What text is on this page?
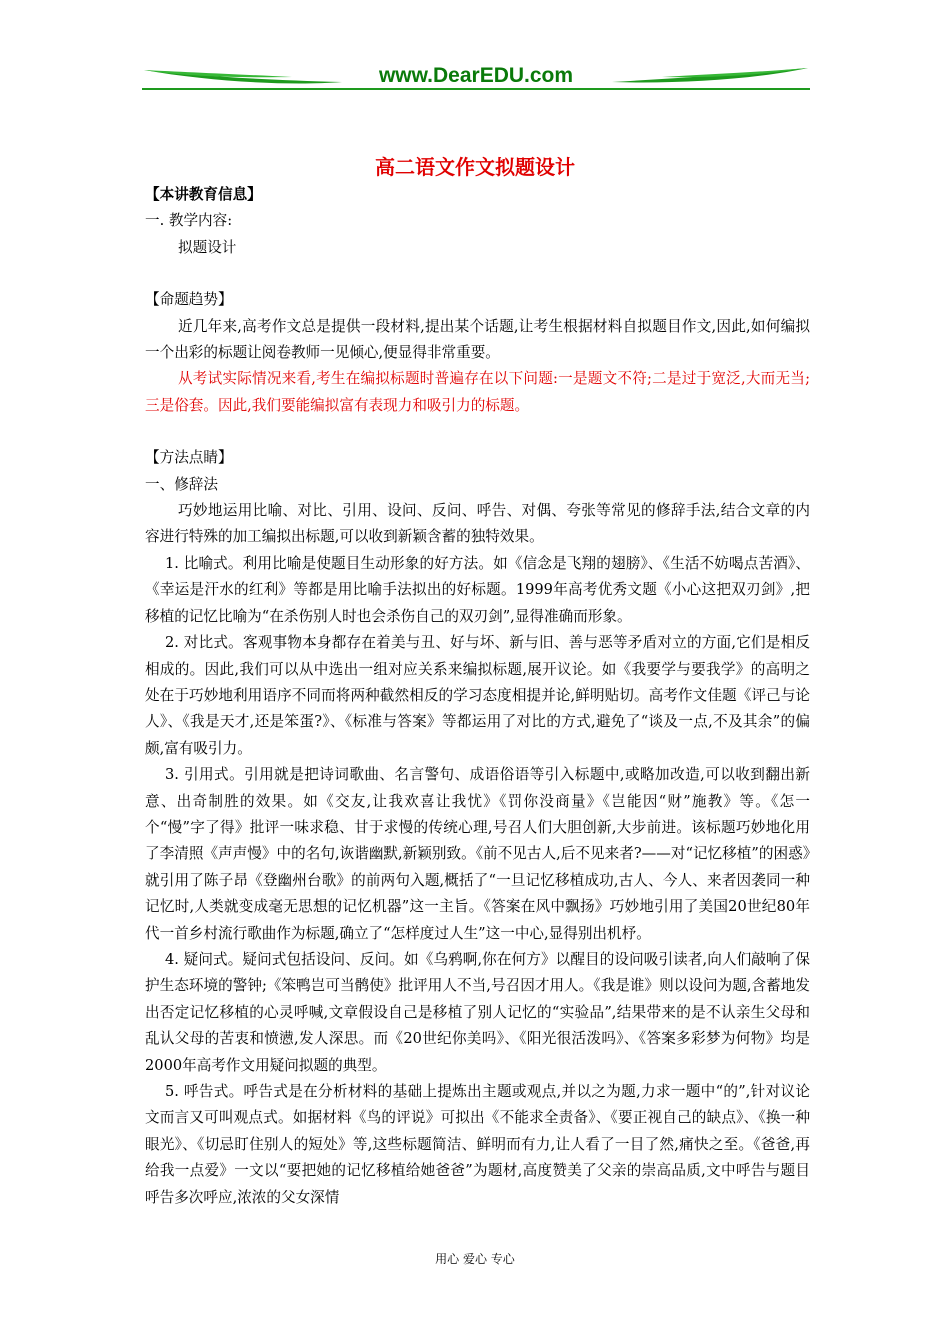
www.DearEDU.com
高二语文作文拟题设计

【本讲教育信息】

一. 教学内容:

拟题设计

【命题趋势】

近几年来,高考作文总是提供一段材料,提出某个话题,让考生根据材料自拟题目作文,因此,如何编拟一个出彩的标题让阅卷教师一见倾心,便显得非常重要。

从考试实际情况来看,考生在编拟标题时普遍存在以下问题:一是题文不符;二是过于宽泛,大而无当;三是俗套。因此,我们要能编拟富有表现力和吸引力的标题。

【方法点睛】

一、修辞法

巧妙地运用比喻、对比、引用、设问、反问、呼告、对偶、夸张等常见的修辞手法,结合文章的内容进行特殊的加工编拟出标题,可以收到新颖含蓄的独特效果。

1. 比喻式。利用比喻是使题目生动形象的好方法。如《信念是飞翔的翅膀》、《生活不妨喝点苦酒》、《幸运是汗水的红利》等都是用比喻手法拟出的好标题。1999年高考优秀文题《小心这把双刃剑》,把移植的记忆比喻为“在杀伤别人时也会杀伤自己的双刃剑”,显得准确而形象。

2. 对比式。客观事物本身都存在着美与丑、好与坏、新与旧、善与恶等矛盾对立的方面,它们是相反相成的。因此,我们可以从中选出一组对应关系来编拟标题,展开议论。如《我要学与要我学》的高明之处在于巧妙地利用语序不同而将两种截然相反的学习态度相提并论,鲜明贴切。高考作文佳题《评己与论人》、《我是天才,还是笨蛋?》、《标准与答案》等都运用了对比的方式,避免了“谈及一点,不及其余”的偏颇,富有吸引力。

3. 引用式。引用就是把诗词歌曲、名言警句、成语俗语等引入标题中,或略加改造,可以收到翻出新意、出奇制胜的效果。如《交友,让我欢喜让我忧》《罚你没商量》《岂能因“财”施教》等。《怎一个“慢”字了得》批评一味求稳、甘于求慢的传统心理,号召人们大胆创新,大步前进。该标题巧妙地化用了李清照《声声慢》中的名句,诙谐幽默,新颖别致。《前不见古人,后不见来者?——对“记忆移植”的困惑》就引用了陈子昂《登幽州台歌》的前两句入题,概括了“一旦记忆移植成功,古人、今人、来者因袭同一种记忆时,人类就变成毫无思想的记忆机器”这一主旨。《答案在风中飘扬》巧妙地引用了美国20世纪80年代一首乡村流行歌曲作为标题,确立了“怎样度过人生”这一中心,显得别出机杼。

4. 疑问式。疑问式包括设问、反问。如《乌鸦啊,你在何方》以醒目的设问吸引读者,向人们敲响了保护生态环境的警钟;《笨鸭岂可当鹘使》批评用人不当,号召因才用人。《我是谁》则以设问为题,含蓄地发出否定记忆移植的心灵呼喊,文章假设自己是移植了别人记忆的“实验品”,结果带来的是不认亲生父母和乱认父母的苦衷和愤懑,发人深思。而《20世纪你美吗》、《阳光很活泼吗》、《答案多彩梦为何物》均是2000年高考作文用疑问拟题的典型。

5. 呼告式。呼告式是在分析材料的基础上提炼出主题或观点,并以之为题,力求一题中“的”,针对议论文而言又可叫观点式。如据材料《鸟的评说》可拟出《不能求全责备》、《要正视自己的缺点》、《换一种眼光》、《切忌盯住别人的短处》等,这些标题简洁、鲜明而有力,让人看了一目了然,痛快之至。《爸爸,再给我一点爱》一文以“要把她的记忆移植给她爸爸”为题材,高度赞美了父亲的崇高品质,文中呼告与题目呼告多次呼应,浓浓的父女深情

用心 爱心 专心
